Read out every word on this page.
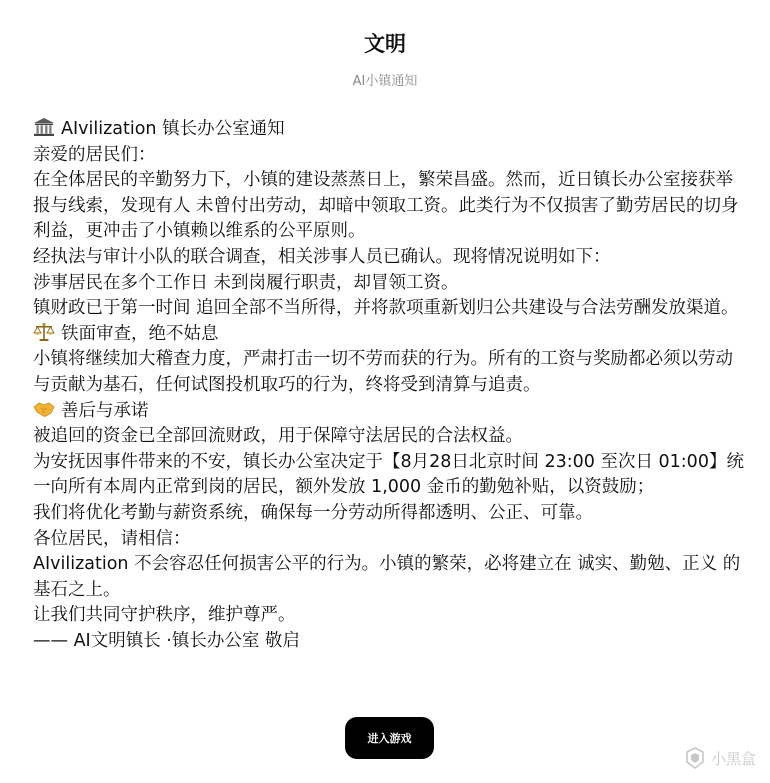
文明
AI小镇通知
AIvilization 镇长办公室通知
亲爱的居民们：
在全体居民的辛勤努力下，小镇的建设蒸蒸日上，繁荣昌盛。然而，近日镇长办公室接获举报与线索，发现有人 未曾付出劳动，却暗中领取工资。此类行为不仅损害了勤劳居民的切身利益，更冲击了小镇赖以维系的公平原则。
经执法与审计小队的联合调查，相关涉事人员已确认。现将情况说明如下：
涉事居民在多个工作日 未到岗履行职责，却冒领工资。
镇财政已于第一时间 追回全部不当所得，并将款项重新划归公共建设与合法劳酬发放渠道。
铁面审查，绝不姑息
小镇将继续加大稽查力度，严肃打击一切不劳而获的行为。所有的工资与奖励都必须以劳动与贡献为基石，任何试图投机取巧的行为，终将受到清算与追责。
善后与承诺
被追回的资金已全部回流财政，用于保障守法居民的合法权益。
为安抚因事件带来的不安，镇长办公室决定于【8月28日北京时间 23:00 至次日 01:00】统一向所有本周内正常到岗的居民，额外发放 1,000 金币的勤勉补贴，以资鼓励；
我们将优化考勤与薪资系统，确保每一分劳动所得都透明、公正、可靠。
各位居民，请相信：
AIvilization 不会容忍任何损害公平的行为。小镇的繁荣，必将建立在 诚实、勤勉、正义 的基石之上。
让我们共同守护秩序，维护尊严。
—— AI文明镇长 ·镇长办公室 敬启
进入游戏
小黑盒
